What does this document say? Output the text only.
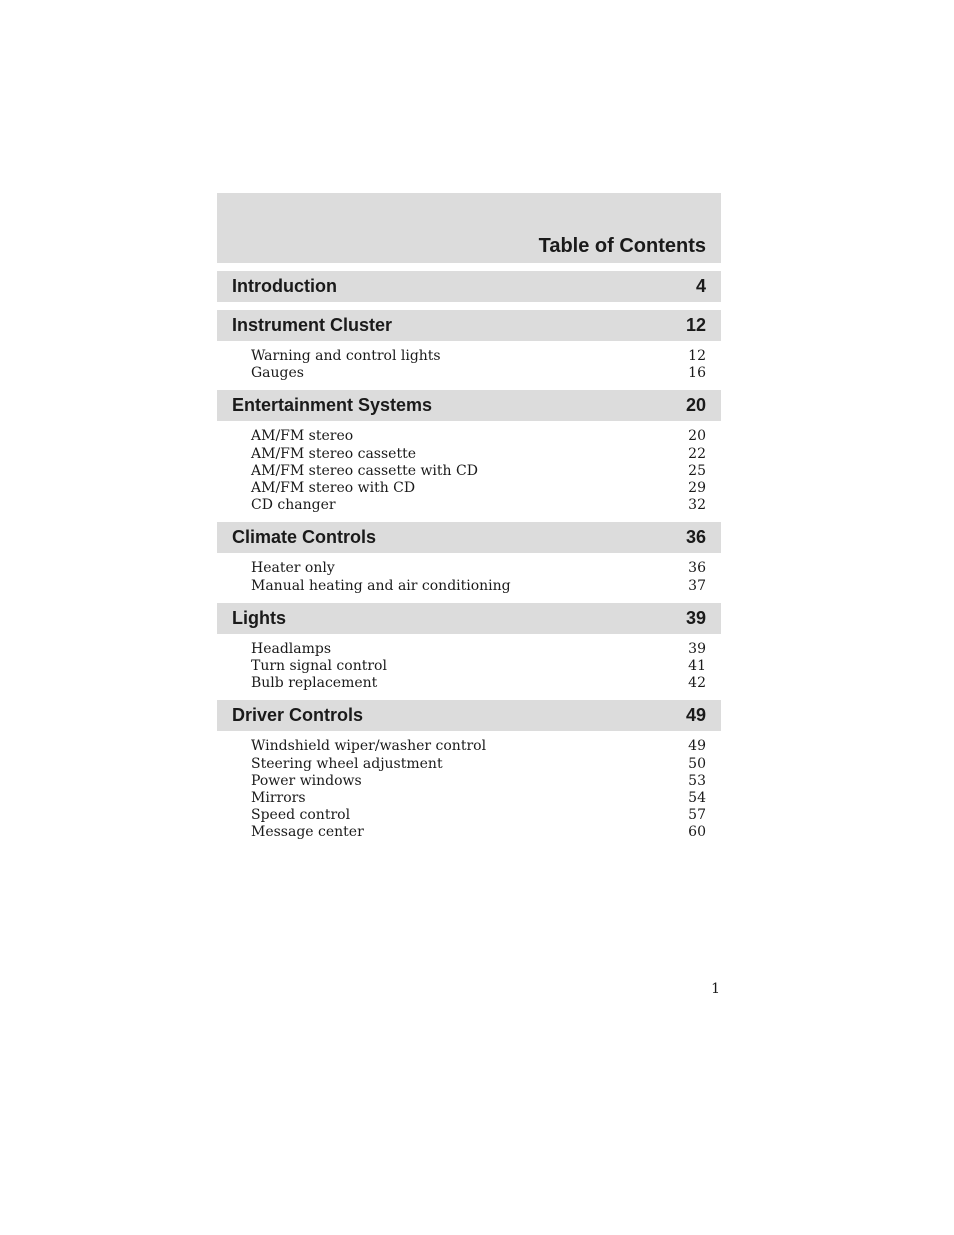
Table of Contents
Introduction	4
Instrument Cluster	12
Warning and control lights	12
Gauges	16
Entertainment Systems	20
AM/FM stereo	20
AM/FM stereo cassette	22
AM/FM stereo cassette with CD	25
AM/FM stereo with CD	29
CD changer	32
Climate Controls	36
Heater only	36
Manual heating and air conditioning	37
Lights	39
Headlamps	39
Turn signal control	41
Bulb replacement	42
Driver Controls	49
Windshield wiper/washer control	49
Steering wheel adjustment	50
Power windows	53
Mirrors	54
Speed control	57
Message center	60
1
